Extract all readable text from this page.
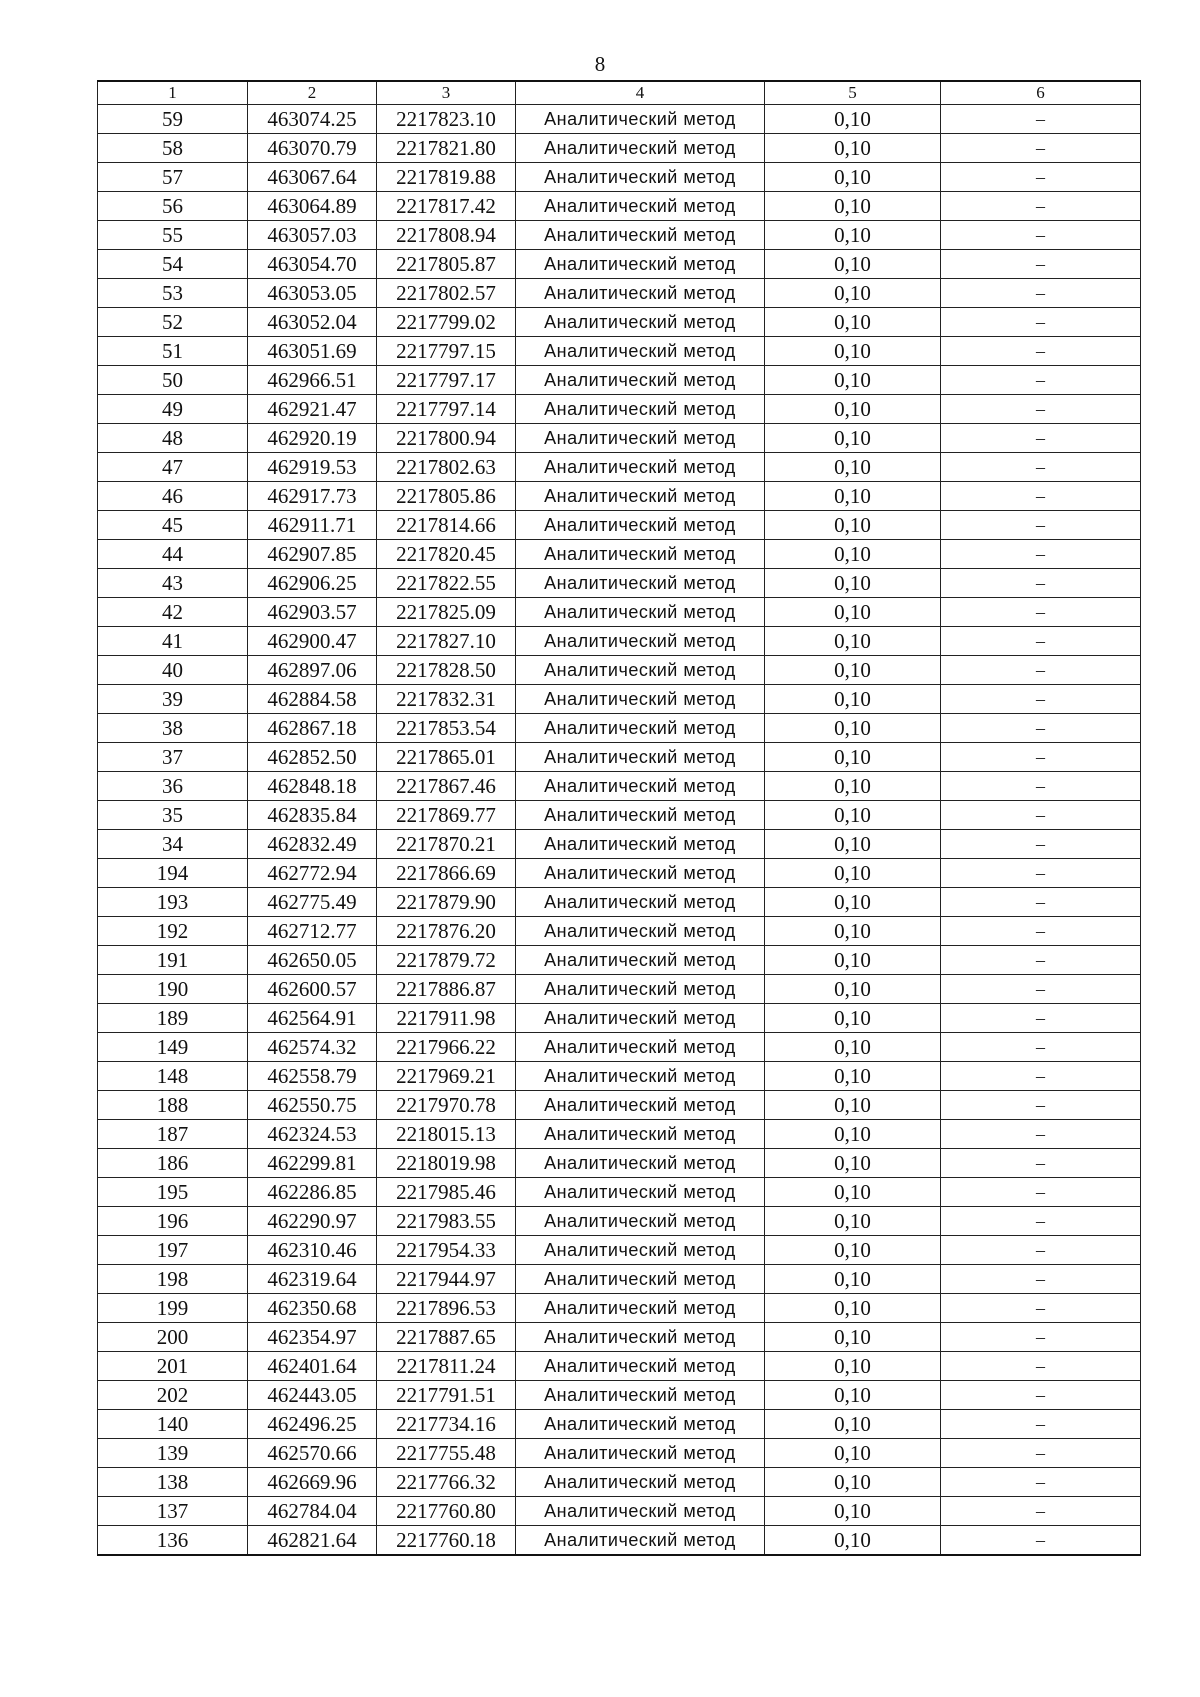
8
1	2	3	4	5	6
59	463074.25	2217823.10	Аналитический метод	0,10	–
58	463070.79	2217821.80	Аналитический метод	0,10	–
57	463067.64	2217819.88	Аналитический метод	0,10	–
56	463064.89	2217817.42	Аналитический метод	0,10	–
55	463057.03	2217808.94	Аналитический метод	0,10	–
54	463054.70	2217805.87	Аналитический метод	0,10	–
53	463053.05	2217802.57	Аналитический метод	0,10	–
52	463052.04	2217799.02	Аналитический метод	0,10	–
51	463051.69	2217797.15	Аналитический метод	0,10	–
50	462966.51	2217797.17	Аналитический метод	0,10	–
49	462921.47	2217797.14	Аналитический метод	0,10	–
48	462920.19	2217800.94	Аналитический метод	0,10	–
47	462919.53	2217802.63	Аналитический метод	0,10	–
46	462917.73	2217805.86	Аналитический метод	0,10	–
45	462911.71	2217814.66	Аналитический метод	0,10	–
44	462907.85	2217820.45	Аналитический метод	0,10	–
43	462906.25	2217822.55	Аналитический метод	0,10	–
42	462903.57	2217825.09	Аналитический метод	0,10	–
41	462900.47	2217827.10	Аналитический метод	0,10	–
40	462897.06	2217828.50	Аналитический метод	0,10	–
39	462884.58	2217832.31	Аналитический метод	0,10	–
38	462867.18	2217853.54	Аналитический метод	0,10	–
37	462852.50	2217865.01	Аналитический метод	0,10	–
36	462848.18	2217867.46	Аналитический метод	0,10	–
35	462835.84	2217869.77	Аналитический метод	0,10	–
34	462832.49	2217870.21	Аналитический метод	0,10	–
194	462772.94	2217866.69	Аналитический метод	0,10	–
193	462775.49	2217879.90	Аналитический метод	0,10	–
192	462712.77	2217876.20	Аналитический метод	0,10	–
191	462650.05	2217879.72	Аналитический метод	0,10	–
190	462600.57	2217886.87	Аналитический метод	0,10	–
189	462564.91	2217911.98	Аналитический метод	0,10	–
149	462574.32	2217966.22	Аналитический метод	0,10	–
148	462558.79	2217969.21	Аналитический метод	0,10	–
188	462550.75	2217970.78	Аналитический метод	0,10	–
187	462324.53	2218015.13	Аналитический метод	0,10	–
186	462299.81	2218019.98	Аналитический метод	0,10	–
195	462286.85	2217985.46	Аналитический метод	0,10	–
196	462290.97	2217983.55	Аналитический метод	0,10	–
197	462310.46	2217954.33	Аналитический метод	0,10	–
198	462319.64	2217944.97	Аналитический метод	0,10	–
199	462350.68	2217896.53	Аналитический метод	0,10	–
200	462354.97	2217887.65	Аналитический метод	0,10	–
201	462401.64	2217811.24	Аналитический метод	0,10	–
202	462443.05	2217791.51	Аналитический метод	0,10	–
140	462496.25	2217734.16	Аналитический метод	0,10	–
139	462570.66	2217755.48	Аналитический метод	0,10	–
138	462669.96	2217766.32	Аналитический метод	0,10	–
137	462784.04	2217760.80	Аналитический метод	0,10	–
136	462821.64	2217760.18	Аналитический метод	0,10	–
